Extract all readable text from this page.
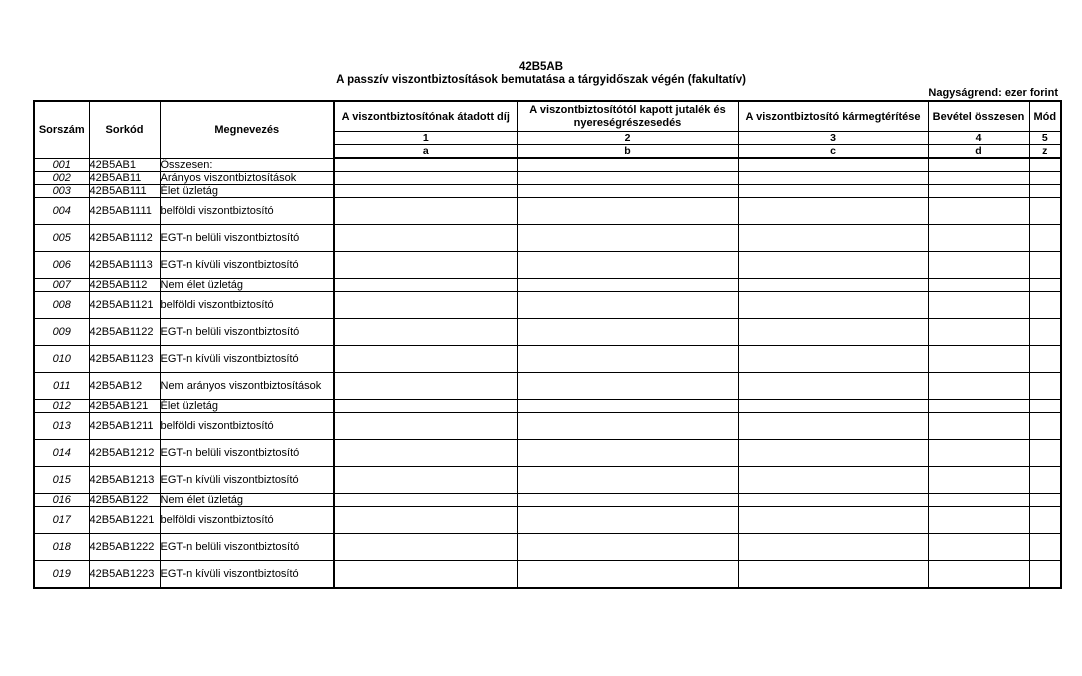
42B5AB
A passzív viszontbiztosítások bemutatása a tárgyidőszak végén (fakultatív)
Nagyságrend: ezer forint
Sorszám	Sorkód	Megnevezés	A viszontbiztosítónak átadott díj	A viszontbiztosítótól kapott jutalék és nyereségrészesedés	A viszontbiztosító kármegtérítése	Bevétel összesen	Mód
			1	2	3	4	5
			a	b	c	d	z
001	42B5AB1	Összesen:					
002	42B5AB11	Arányos viszontbiztosítások					
003	42B5AB111	Élet üzletág					
004	42B5AB1111	belföldi viszontbiztosító					
005	42B5AB1112	EGT-n belüli viszontbiztosító					
006	42B5AB1113	EGT-n kívüli viszontbiztosító					
007	42B5AB112	Nem élet üzletág					
008	42B5AB1121	belföldi viszontbiztosító					
009	42B5AB1122	EGT-n belüli viszontbiztosító					
010	42B5AB1123	EGT-n kívüli viszontbiztosító					
011	42B5AB12	Nem arányos viszontbiztosítások					
012	42B5AB121	Élet üzletág					
013	42B5AB1211	belföldi viszontbiztosító					
014	42B5AB1212	EGT-n belüli viszontbiztosító					
015	42B5AB1213	EGT-n kívüli viszontbiztosító					
016	42B5AB122	Nem élet üzletág					
017	42B5AB1221	belföldi viszontbiztosító					
018	42B5AB1222	EGT-n belüli viszontbiztosító					
019	42B5AB1223	EGT-n kívüli viszontbiztosító					
